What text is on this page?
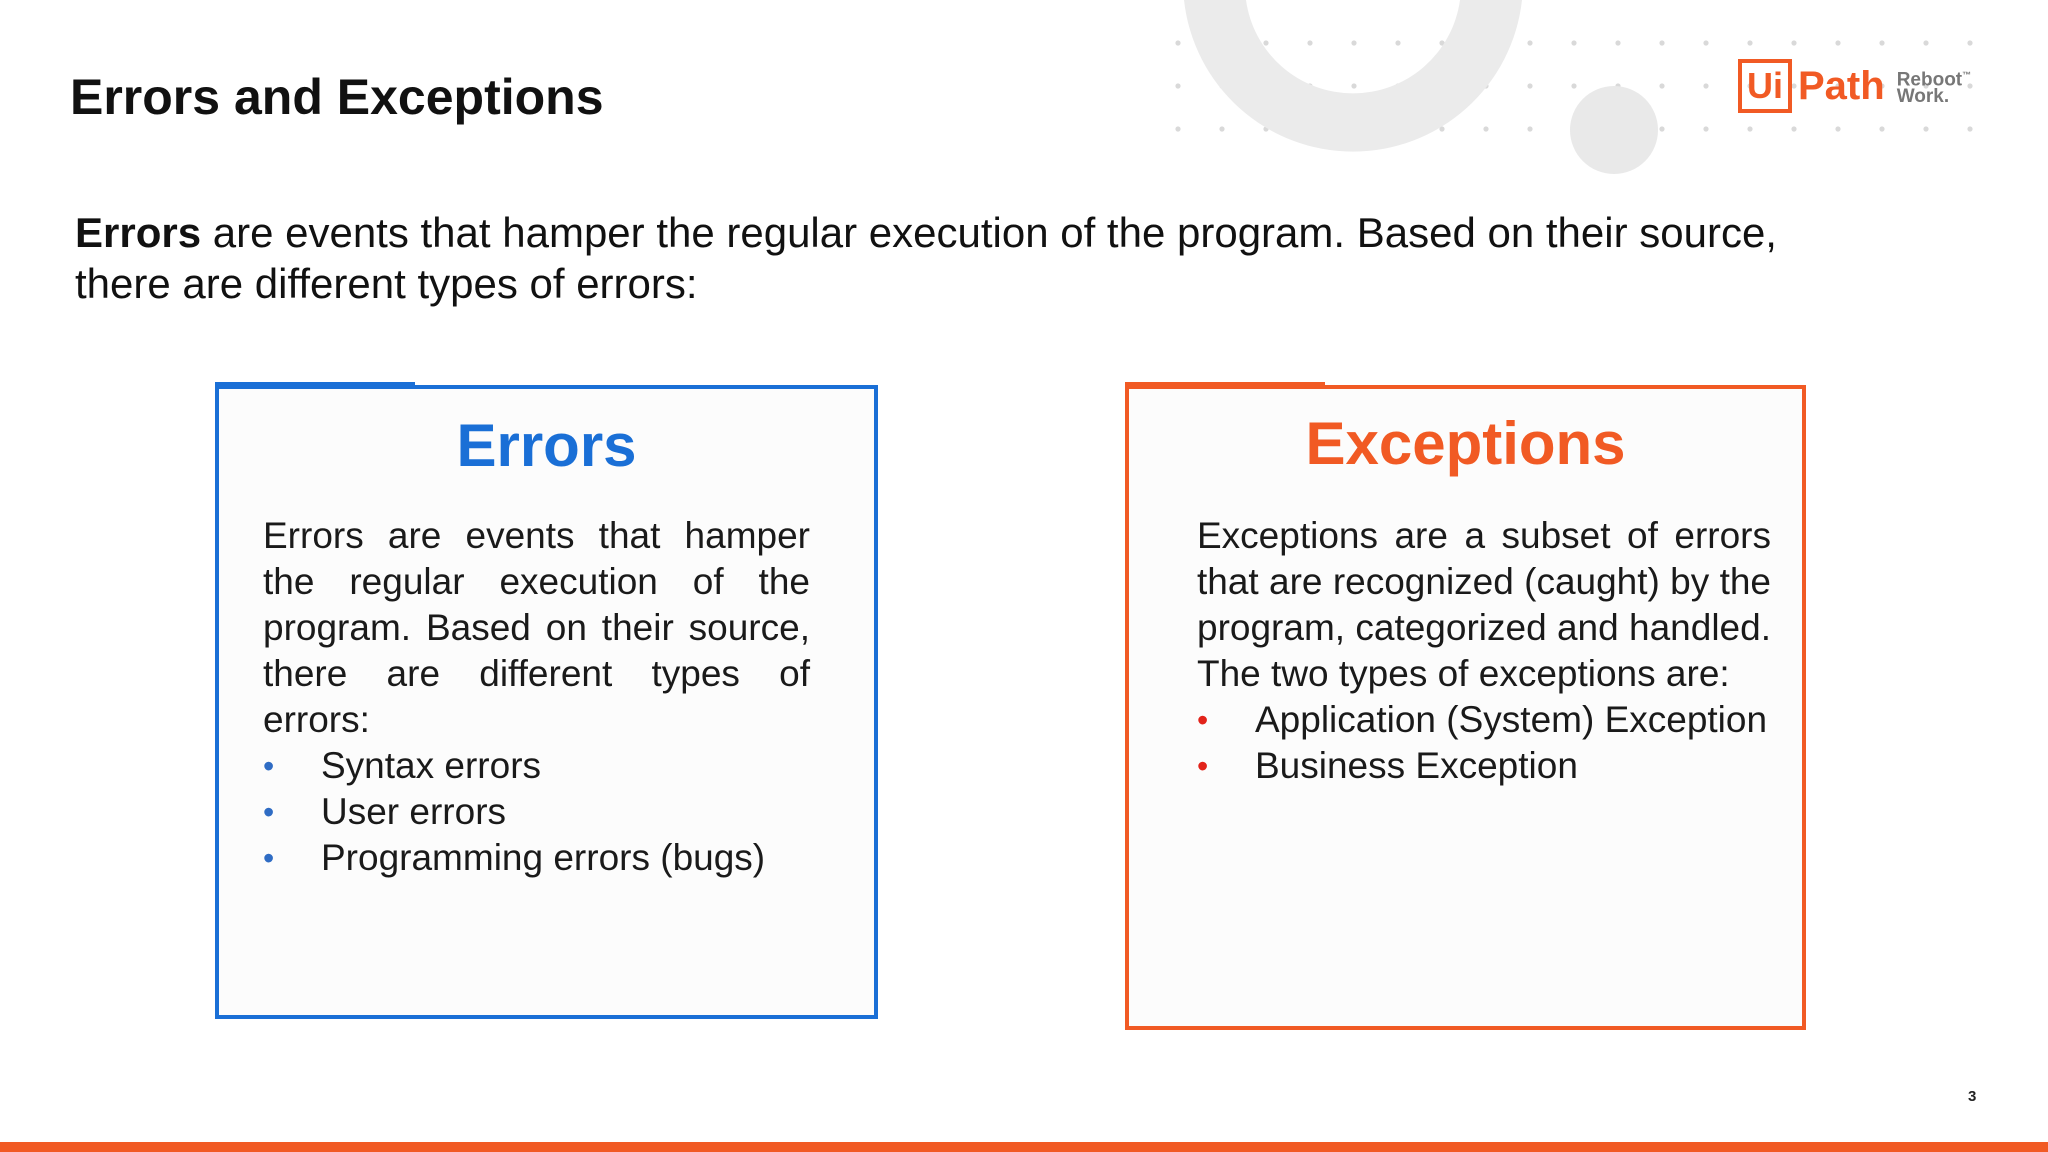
Errors and Exceptions	Ui Path Reboot™
Work.

Errors are events that hamper the regular execution of the program. Based on their source, there are different types of errors:

Errors
Errors are events that hamper the regular execution of the program. Based on their source, there are different types of errors:
• Syntax errors
• User errors
• Programming errors (bugs)
Exceptions
Exceptions are a subset of errors that are recognized (caught) by the program, categorized and handled. The two types of exceptions are:
• Application (System) Exception
• Business Exception
3
